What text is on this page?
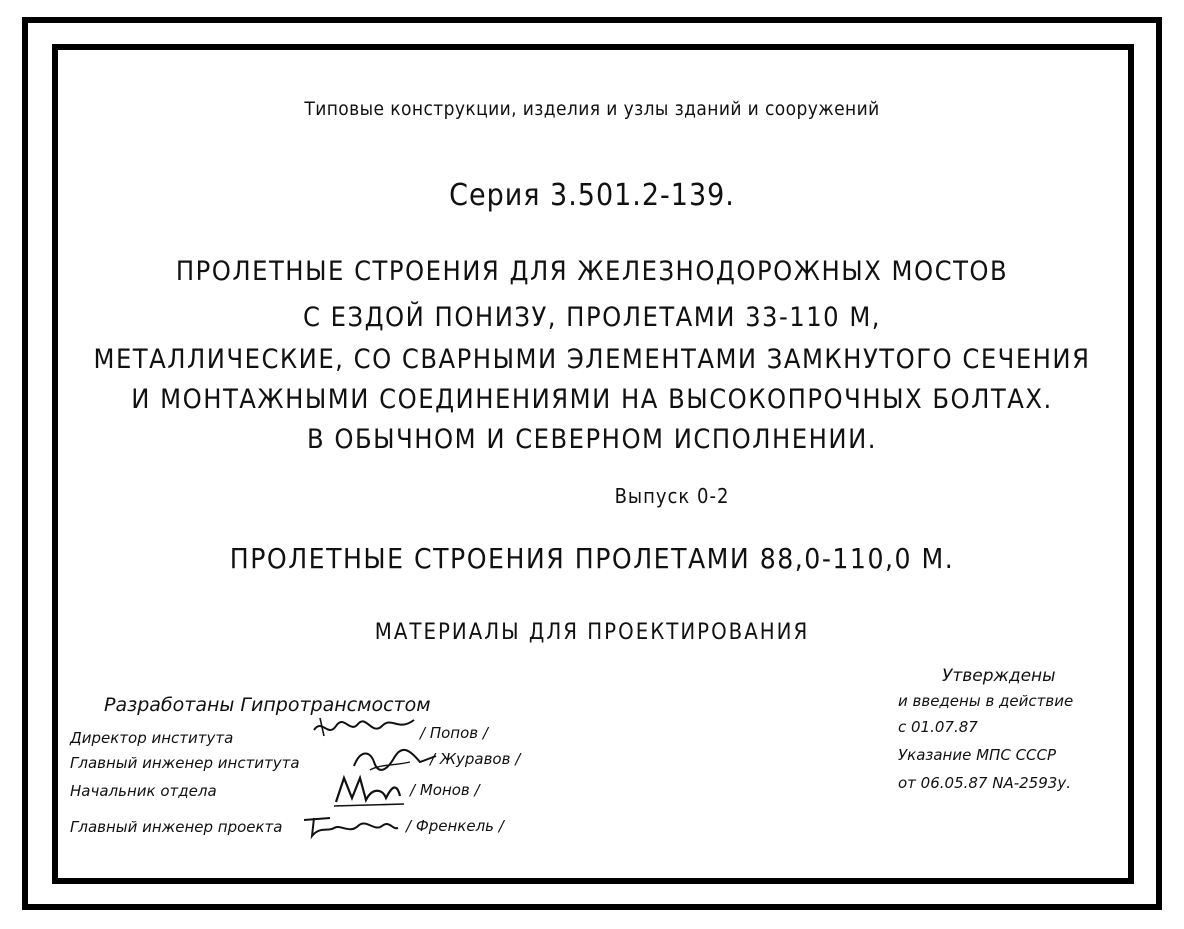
Типовые конструкции, изделия и узлы зданий и сооружений
Серия 3.501.2-139.
ПРОЛЕТНЫЕ СТРОЕНИЯ ДЛЯ ЖЕЛЕЗНОДОРОЖНЫХ МОСТОВ
С ЕЗДОЙ ПОНИЗУ, ПРОЛЕТАМИ 33-110 М,
МЕТАЛЛИЧЕСКИЕ, СО СВАРНЫМИ ЭЛЕМЕНТАМИ ЗАМКНУТОГО СЕЧЕНИЯ
И МОНТАЖНЫМИ СОЕДИНЕНИЯМИ НА ВЫСОКОПРОЧНЫХ БОЛТАХ.
В ОБЫЧНОМ И СЕВЕРНОМ ИСПОЛНЕНИИ.
Выпуск 0-2
ПРОЛЕТНЫЕ СТРОЕНИЯ ПРОЛЕТАМИ 88,0-110,0 М.
МАТЕРИАЛЫ ДЛЯ ПРОЕКТИРОВАНИЯ
Разработаны Гипротрансмостом
Директор института
Главный инженер института
Начальник отдела
Главный инженер проекта
/ Попов /
/ Журавов /
/ Монов /
/ Френкель /
Утверждены
и введены в действие
с 01.07.87
Указание МПС СССР
от 06.05.87 NA-2593у.
